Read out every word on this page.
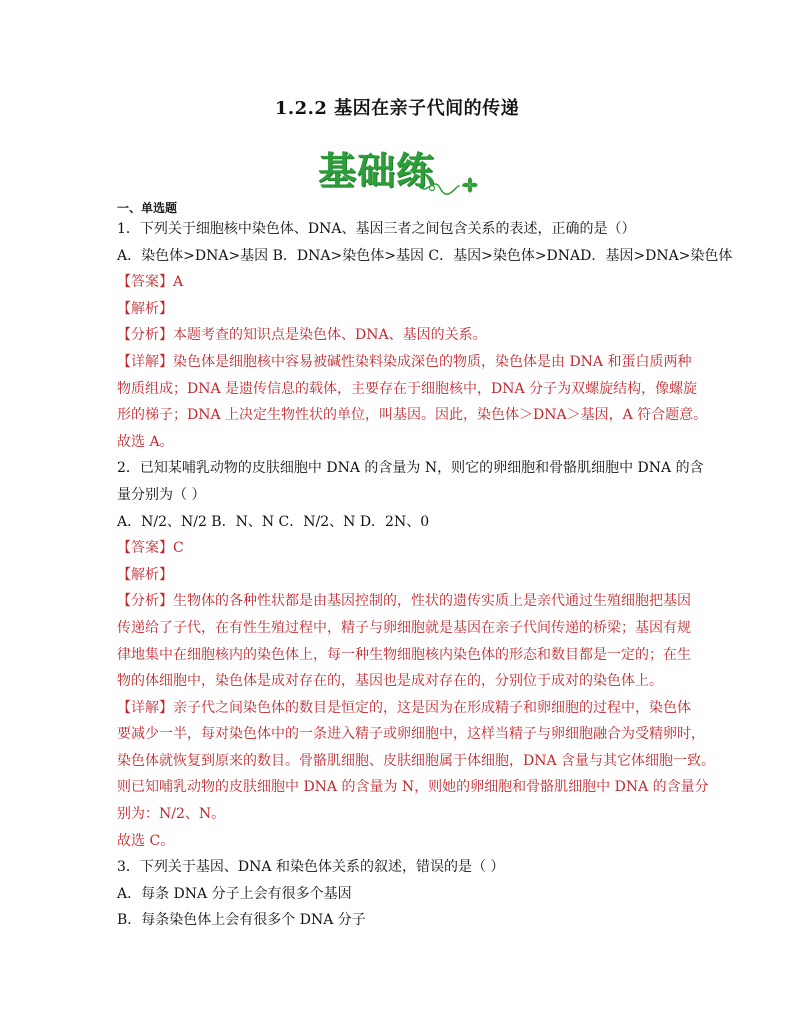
1.2.2 基因在亲子代间的传递
基础练
一、单选题
1．下列关于细胞核中染色体、DNA、基因三者之间包含关系的表述，正确的是（）
A．染色体>DNA>基因 B．DNA>染色体>基因 C．基因>染色体>DNAD．基因>DNA>染色体
【答案】A
【解析】
【分析】本题考查的知识点是染色体、DNA、基因的关系。
【详解】染色体是细胞核中容易被碱性染料染成深色的物质，染色体是由 DNA 和蛋白质两种
物质组成；DNA 是遗传信息的载体，主要存在于细胞核中，DNA 分子为双螺旋结构，像螺旋
形的梯子；DNA 上决定生物性状的单位，叫基因。因此，染色体＞DNA＞基因，A 符合题意。
故选 A。
2．已知某哺乳动物的皮肤细胞中 DNA 的含量为 N，则它的卵细胞和骨骼肌细胞中 DNA 的含
量分别为（ ）
A．N/2、N/2 B．N、N C．N/2、N D．2N、0
【答案】C
【解析】
【分析】生物体的各种性状都是由基因控制的，性状的遗传实质上是亲代通过生殖细胞把基因
传递给了子代，在有性生殖过程中，精子与卵细胞就是基因在亲子代间传递的桥梁；基因有规
律地集中在细胞核内的染色体上，每一种生物细胞核内染色体的形态和数目都是一定的；在生
物的体细胞中，染色体是成对存在的，基因也是成对存在的，分别位于成对的染色体上。
【详解】亲子代之间染色体的数目是恒定的，这是因为在形成精子和卵细胞的过程中，染色体
要减少一半，每对染色体中的一条进入精子或卵细胞中，这样当精子与卵细胞融合为受精卵时，
染色体就恢复到原来的数目。骨骼肌细胞、皮肤细胞属于体细胞，DNA 含量与其它体细胞一致。
则已知哺乳动物的皮肤细胞中 DNA 的含量为 N，则她的卵细胞和骨骼肌细胞中 DNA 的含量分
别为：N/2、N。
故选 C。
3．下列关于基因、DNA 和染色体关系的叙述，错误的是（ ）
A．每条 DNA 分子上会有很多个基因
B．每条染色体上会有很多个 DNA 分子
